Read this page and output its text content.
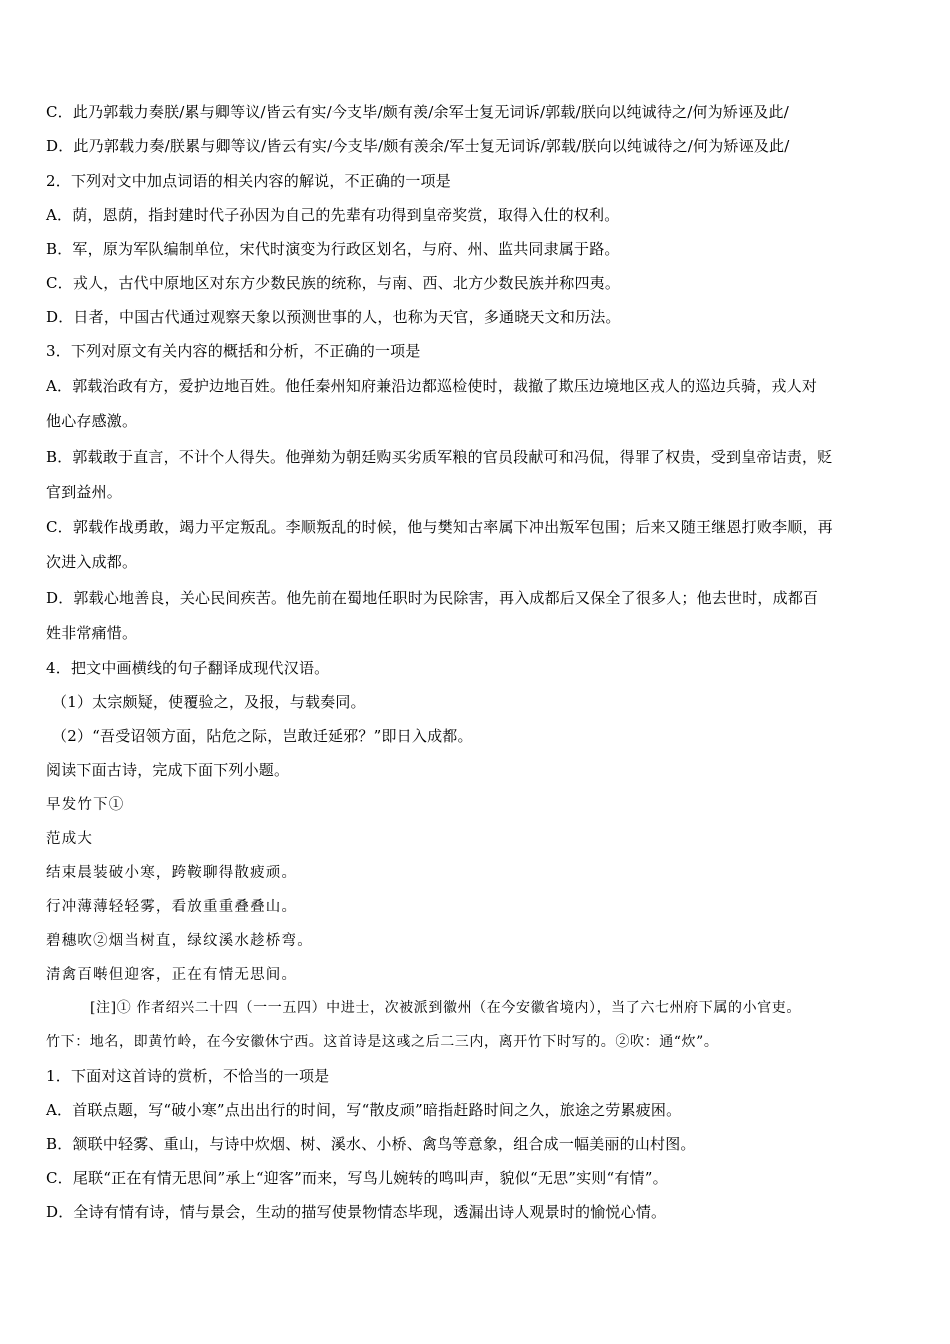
C．此乃郭载力奏朕/累与卿等议/皆云有实/今支毕/颇有羡/余军士复无词诉/郭载/朕向以纯诚待之/何为矫诬及此/
D．此乃郭载力奏/朕累与卿等议/皆云有实/今支毕/颇有羡余/军士复无词诉/郭载/朕向以纯诚待之/何为矫诬及此/
2．下列对文中加点词语的相关内容的解说，不正确的一项是
A．荫，恩荫，指封建时代子孙因为自己的先辈有功得到皇帝奖赏，取得入仕的权利。
B．军，原为军队编制单位，宋代时演变为行政区划名，与府、州、监共同隶属于路。
C．戎人，古代中原地区对东方少数民族的统称，与南、西、北方少数民族并称四夷。
D．日者，中国古代通过观察天象以预测世事的人，也称为天官，多通晓天文和历法。
3．下列对原文有关内容的概括和分析，不正确的一项是
A．郭载治政有方，爱护边地百姓。他任秦州知府兼沿边都巡检使时，裁撤了欺压边境地区戎人的巡边兵骑，戎人对
他心存感激。
B．郭载敢于直言，不计个人得失。他弹劾为朝廷购买劣质军粮的官员段献可和冯侃，得罪了权贵，受到皇帝诘责，贬
官到益州。
C．郭载作战勇敢，竭力平定叛乱。李顺叛乱的时候，他与樊知古率属下冲出叛军包围；后来又随王继恩打败李顺，再
次进入成都。
D．郭载心地善良，关心民间疾苦。他先前在蜀地任职时为民除害，再入成都后又保全了很多人；他去世时，成都百
姓非常痛惜。
4．把文中画横线的句子翻译成现代汉语。
（1）太宗颇疑，使覆验之，及报，与载奏同。
（2）“吾受诏领方面，阽危之际，岂敢迁延邪？”即日入成都。
阅读下面古诗，完成下面下列小题。
早发竹下①
范成大
结束晨装破小寒，跨鞍聊得散疲顽。
行冲薄薄轻轻雾，看放重重叠叠山。
碧穗吹②烟当树直，绿纹溪水趁桥弯。
清禽百啭但迎客，正在有情无思间。
[注]① 作者绍兴二十四（一一五四）中进士，次被派到徽州（在今安徽省境内），当了六七州府下属的小官吏。
竹下：地名，即黄竹岭，在今安徽休宁西。这首诗是这彧之后二三内，离开竹下时写的。②吹：通“炊”。
1．下面对这首诗的赏析，不恰当的一项是
A．首联点题，写“破小寒”点出出行的时间，写“散皮顽”暗指赶路时间之久，旅途之劳累疲困。
B．颔联中轻雾、重山，与诗中炊烟、树、溪水、小桥、禽鸟等意象，组合成一幅美丽的山村图。
C．尾联“正在有情无思间”承上“迎客”而来，写鸟儿婉转的鸣叫声，貌似“无思”实则“有情”。
D．全诗有情有诗，情与景会，生动的描写使景物情态毕现，透漏出诗人观景时的愉悦心情。
